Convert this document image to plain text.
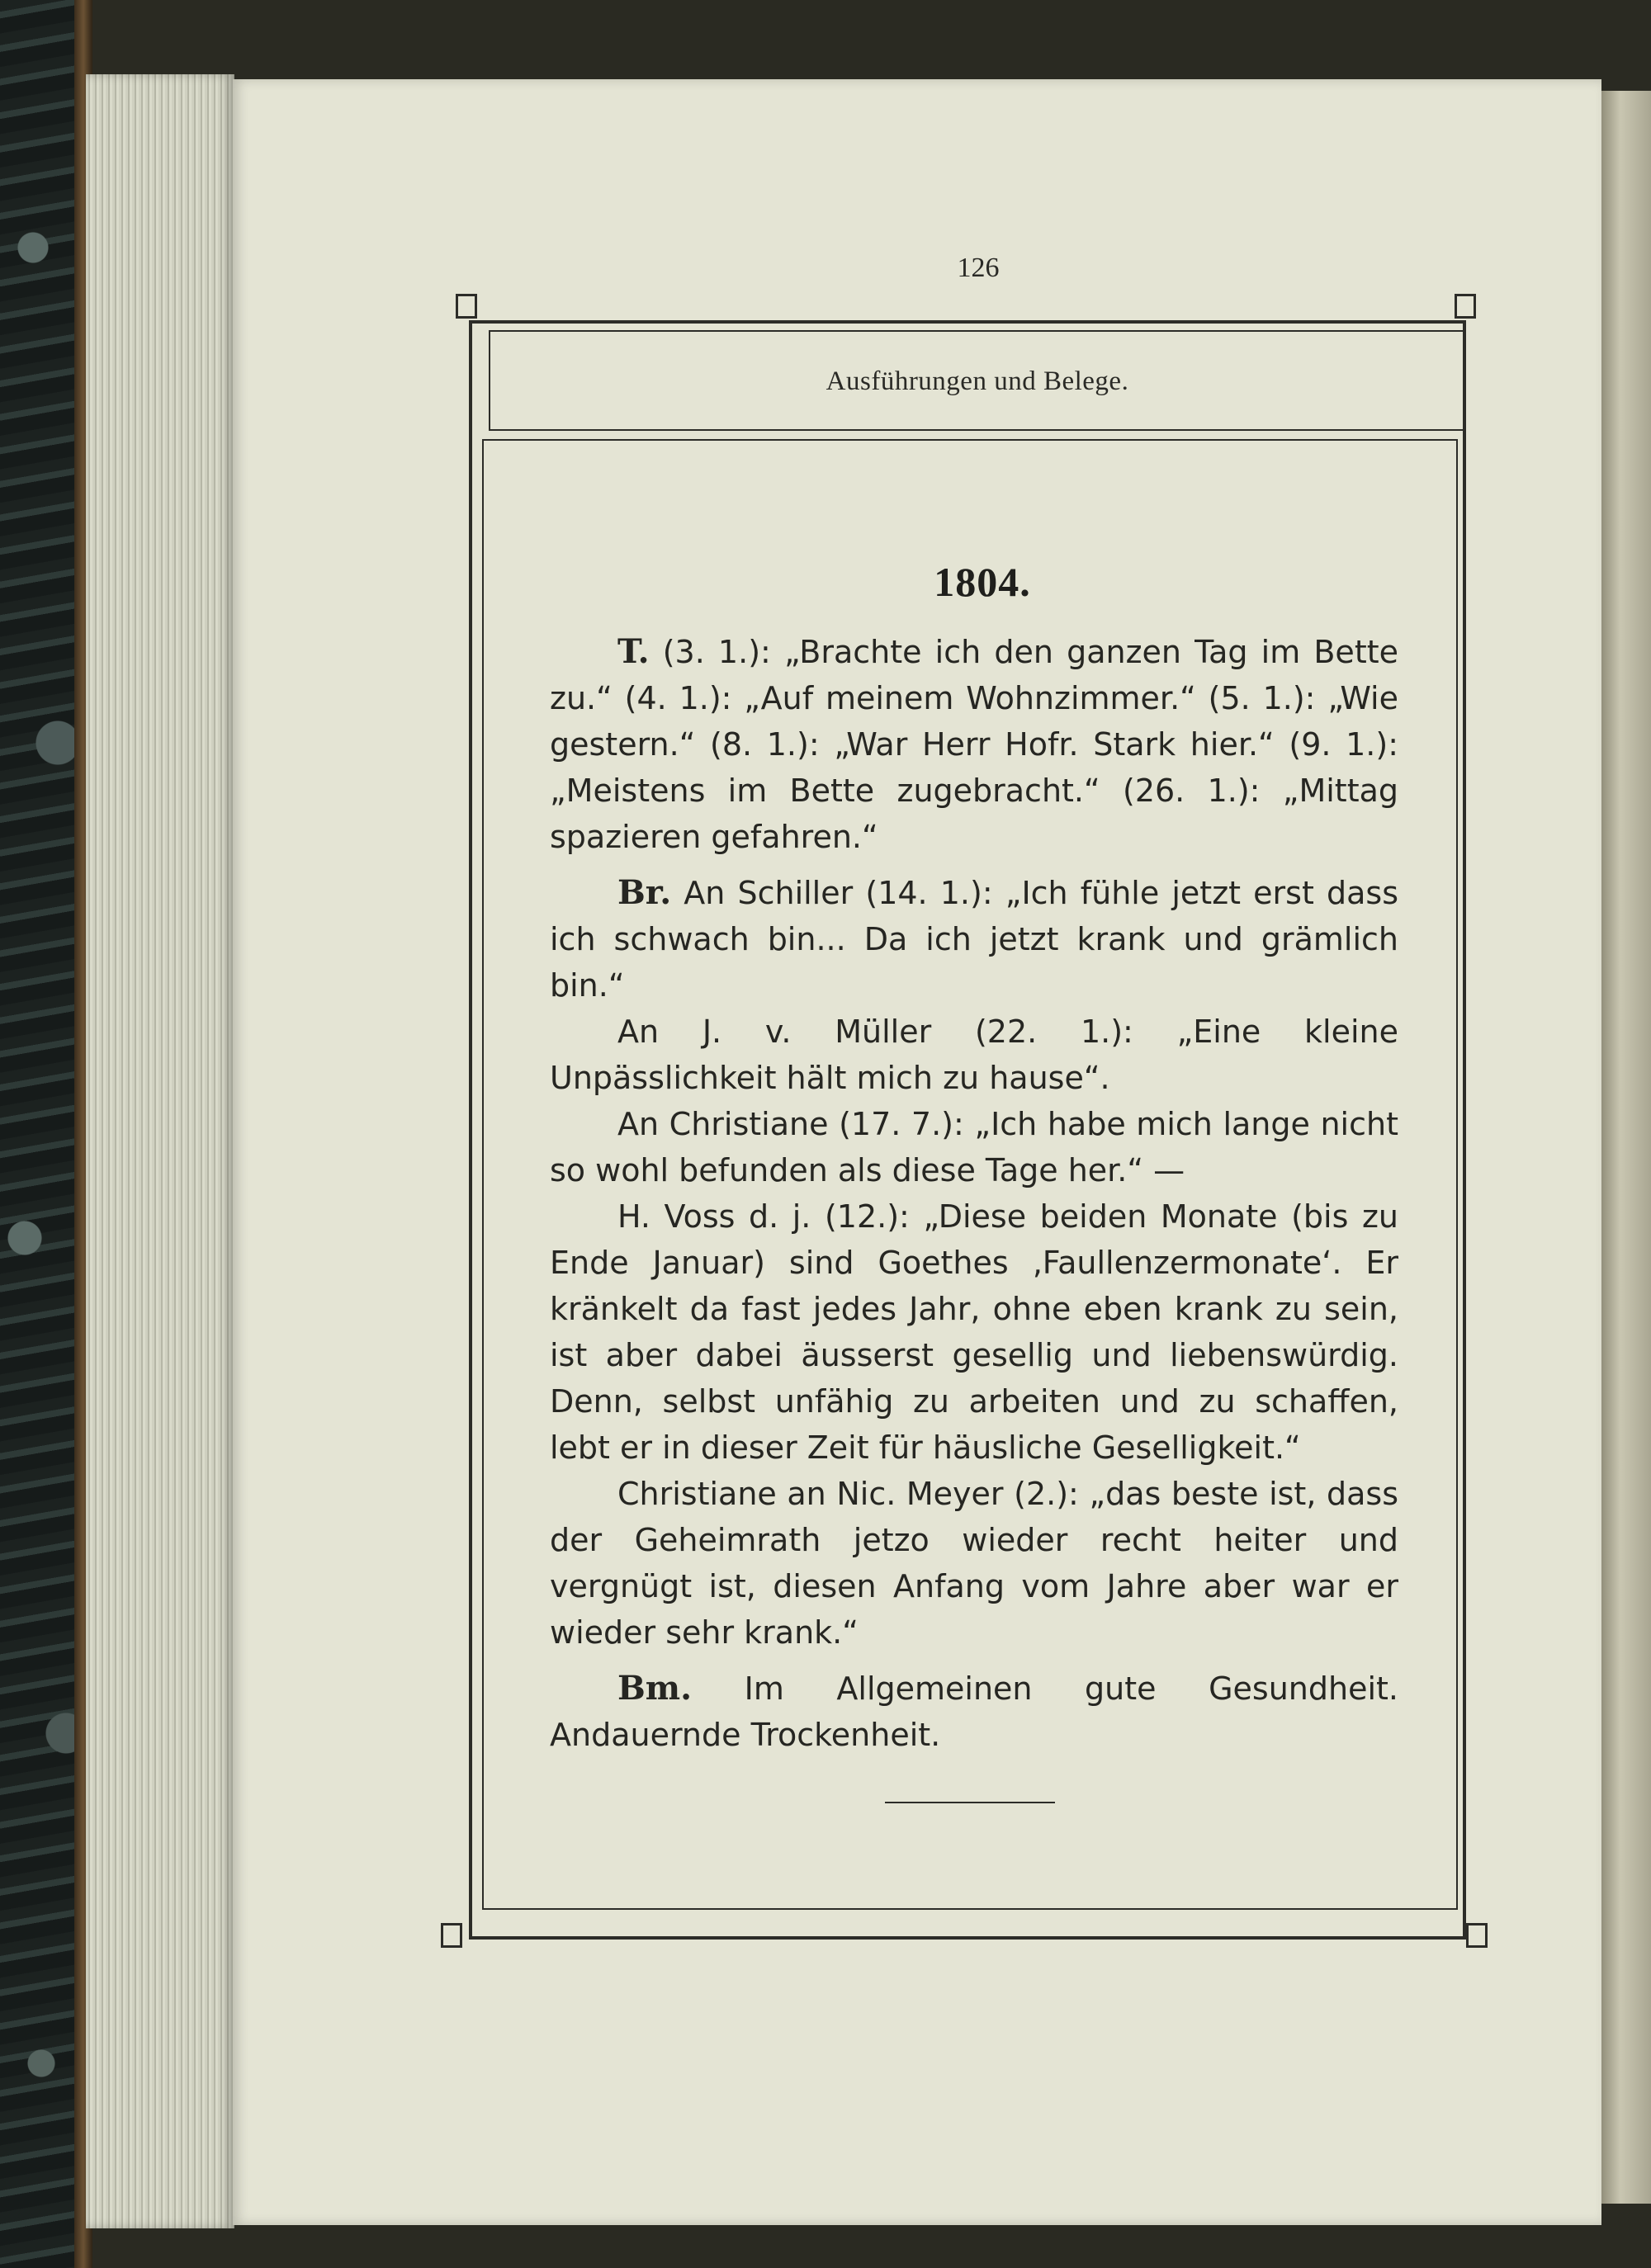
126
Ausführungen und Belege.
1804.

T. (3. 1.): „Brachte ich den ganzen Tag im Bette zu.“ (4. 1.): „Auf meinem Wohnzimmer.“ (5. 1.): „Wie gestern.“ (8. 1.): „War Herr Hofr. Stark hier.“ (9. 1.): „Meistens im Bette zugebracht.“ (26. 1.): „Mittag spazieren gefahren.“

Br. An Schiller (14. 1.): „Ich fühle jetzt erst dass ich schwach bin... Da ich jetzt krank und grämlich bin.“

An J. v. Müller (22. 1.): „Eine kleine Unpässlichkeit hält mich zu hause“.

An Christiane (17. 7.): „Ich habe mich lange nicht so wohl befunden als diese Tage her.“ —

H. Voss d. j. (12.): „Diese beiden Monate (bis zu Ende Januar) sind Goethes ‚Faullenzermonate‘. Er kränkelt da fast jedes Jahr, ohne eben krank zu sein, ist aber dabei äusserst gesellig und liebenswürdig. Denn, selbst unfähig zu arbeiten und zu schaffen, lebt er in dieser Zeit für häusliche Geselligkeit.“

Christiane an Nic. Meyer (2.): „das beste ist, dass der Geheimrath jetzo wieder recht heiter und vergnügt ist, diesen Anfang vom Jahre aber war er wieder sehr krank.“

Bm. Im Allgemeinen gute Gesundheit. Andauernde Trockenheit.
